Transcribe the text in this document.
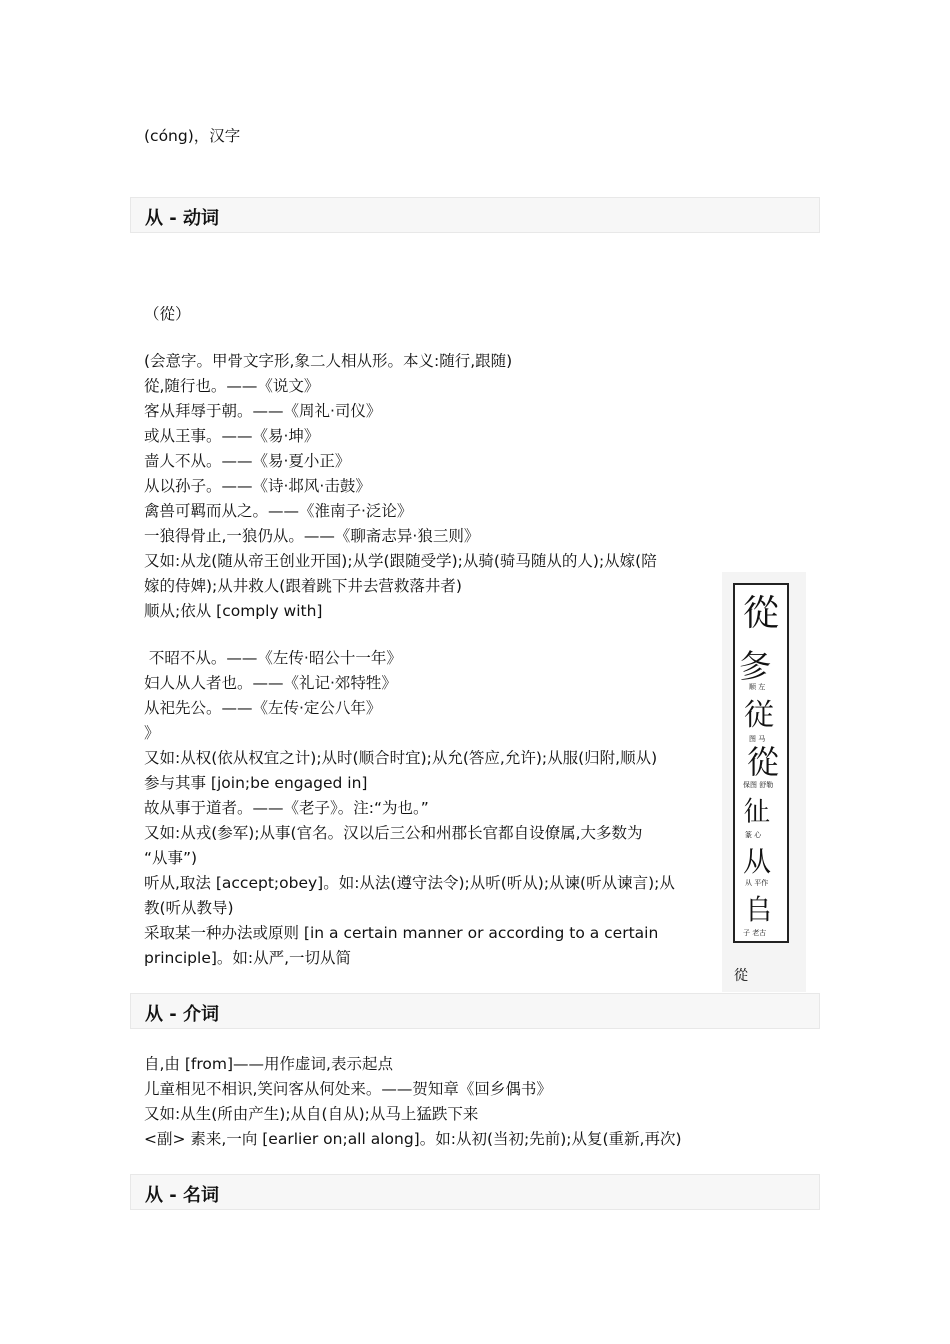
(cóng)，汉字
从 - 动词
（從）
(会意字。甲骨文字形,象二人相从形。本义:随行,跟随)
從,随行也。——《说文》
客从拜辱于朝。——《周礼·司仪》
或从王事。——《易·坤》
啬人不从。——《易·夏小正》
从以孙子。——《诗·邶风·击鼓》
禽兽可羁而从之。——《淮南子·泛论》
一狼得骨止,一狼仍从。——《聊斋志异·狼三则》
又如:从龙(随从帝王创业开国);从学(跟随受学);从骑(骑马随从的人);从嫁(陪
嫁的侍婢);从井救人(跟着跳下井去营救落井者)
顺从;依从 [comply with]
不昭不从。——《左传·昭公十一年》
妇人从人者也。——《礼记·郊特牲》
从祀先公。——《左传·定公八年》
》
又如:从权(依从权宜之计);从时(顺合时宜);从允(答应,允许);从服(归附,顺从)
参与其事 [join;be engaged in]
故从事于道者。——《老子》。注:“为也。”
又如:从戎(参军);从事(官名。汉以后三公和州郡长官都自设僚属,大多数为
“从事”)
听从,取法 [accept;obey]。如:从法(遵守法令);从听(听从);从谏(听从谏言);从
教(听从教导)
采取某一种办法或原则 [in a certain manner or according to a certain
principle]。如:从严,一切从简
從
㣊
顺 左
従
图 马
從
保图 舒勒
𢓊
篆 心
从
从 平作
𠂤
子 老古
從
从 - 介词
自,由 [from]——用作虚词,表示起点
儿童相见不相识,笑问客从何处来。——贺知章《回乡偶书》
又如:从生(所由产生);从自(自从);从马上猛跌下来
<副> 素来,一向 [earlier on;all along]。如:从初(当初;先前);从复(重新,再次)
从 - 名词
